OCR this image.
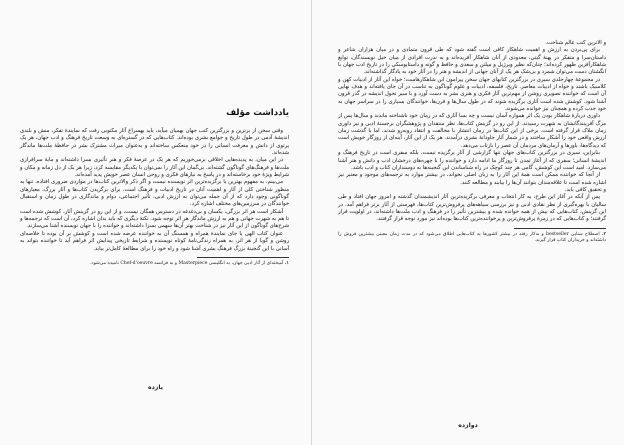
یادداشت مؤلف

وقتی سخن از برترین و بزرگترین کتب جهان بهمیان میآید، باید بهسراغ آثار مکتوبی رفت که نمایندهٔ تفکر، منش و بلندی اندیشهٔ آدمی در طول تاریخ و جوامع بشری بوده‌اند. کتاب‌هایی که در گستره‌ای به وسعت تاریخ فرهنگ و ادب جهان، هر یک پرتوی از دانش و معرفت انسانی را در خود منعکس ساخته‌اند و به‌عنوان میراث مشترک بشر در حافظهٔ ملت‌ها ماندگار شده‌اند.

در این میان، به پدیده‌هایی اخلاقی برمی‌خوریم که هر یک در عرصهٔ فکر و هنر تأثیری بسزا داشته‌اند و مایهٔ سرافرازی ملت‌ها و فرهنگ‌های گوناگون گشته‌اند. بی‌گمان این آثار را نمی‌توان با یکدیگر مقایسه کرد، زیرا هر یک از دل زمانه و مکان و شرایط ویژهٔ خود برخاسته‌اند و در پاسخ به نیازهای فکری و روحی انسان عصر خویش پدید آمده‌اند.

می‌بینم، به مفهوم بهترین یا برگزیده‌ترین اثر نویسنده نیست و اگر ذکر والاترین کتاب‌ها در مواردی ضروری افتاده، تنها به منظور شناختی کلی از آثار و اهمیت آنان در تاریخ ادبیات و فرهنگ است. برای برگزیدن کتاب‌ها و آثار بزرگ، معیارهای گوناگونی وجود دارد که از آن جمله می‌توان به ارزش ادبی، تأثیر اجتماعی، دوام و ماندگاری در طول زمان و استقبال خوانندگان در سرزمین‌های مختلف اشاره کرد.

آشکار است هر اثر بزرگی، یکسان و بی‌دغدغه در دسترس همگان نیست، و از این رو در گزینش آثار، کوشش شده است تا هم به شهرت جهانی و هم به ارزش ماندگار هر اثر توجه شود. نکتهٔ دیگری که باید بدان اشاره کرد، آن است که ترجمه‌ها و شرح‌های گوناگون از این آثار نیز در شناخت بهتر آن‌ها سهمی بسزا داشته‌اند و خواننده را با جهان نویسنده آشنا می‌سازند.

عنوان کتاب الهی با جای نمایندهٔ همراه و همسنگ آن به خواننده عرضه شده است و کوشش بر آن بوده تا خلاصه‌ای روشن و گویا از هر اثر، به همراه زندگی‌نامهٔ کوتاه نویسنده و شرایط تاریخی پیدایش اثر فراهم آید تا خواننده بتواند به آسانی با این گنجینهٔ بزرگ فرهنگ بشری آشنا شود و راه خود را برای مطالعهٔ کامل‌تر بیابد.

۱. آمیخته‌ای از آثار ادبی جهان، به انگلیسی Masterpiece و به فرانسه Chef-d'oeuvre نامیده می‌شود.

یازده

و الاترین کتب عالم شناخت.

برای پی‌بردن به ارزش و اهمیت شاهکار کافی است گفته شود که طی قرون متمادی و در میان هزاران شاعر و داستان‌سرا و متفکر در پهنهٔ گیتی، معدودی از آنان شاهکار آفریده‌اند و به ندرت افرادی از میان خیل نویسندگان، نوابغ شاهکارآفرین ظهور کرده‌اند؛ چنان‌که نظیر ویرژیل و میلتن و سعدی و حافظ و گوته و داستایوسکی را در تاریخ ادب جهان با انگشتان دست می‌توان شمرد و بی‌شک هر یک از آنان جهانی از اندیشه و هنر را در آثار خود به یادگار گذاشته‌اند.

در مجموعهٔ چهارجلدی سیری در بزرگترین کتابهای جهان سخن پیرامون این شاهکارهاست؛ خواه این آثار از ادبیات کهن و کلاسیک باشند و خواه از ادبیات معاصر. تاریخ، فلسفه، ادبیات و علوم گوناگون به تناسب در آن جای یافته‌اند و هدف نهایی آن است که خواننده تصویری روشن از مهم‌ترین آثار فکری و هنری بشر به دست آورد و با سیر تحول اندیشه در گذر قرون آشنا شود. کوشش شده است آثاری برگزیده شوند که در طول سال‌ها و قرن‌ها، خوانندگان بسیاری را در سراسر جهان به خود جذب کرده و همچنان نیز خوانده می‌شوند.

داوری دربارهٔ شاهکار بودن یک اثر همواره آسان نیست و چه بسا آثاری که در زمان خود ناشناخته ماندند و سال‌ها پس از مرگ آفرینندگانشان به شهرت رسیدند. از این رو در گزینش کتاب‌ها، نظر منتقدان و پژوهشگران برجستهٔ ادبی و نیز داوری زمان ملاک قرار گرفته است. برخی از این کتاب‌ها در زمان انتشار با مخالفت و انتقاد روبه‌رو شدند، اما با گذشت زمان ارزش واقعی خود را آشکار ساختند و در شمار آثار جاودانهٔ بشری درآمدند. هر یک از این آثار، آینه‌ای از روزگار خویش است که دیدگاه‌ها، باورها و آرمان‌های مردمان آن عصر را بازتاب می‌دهد.

بنابراین، سیری در بزرگترین کتاب‌های جهان تنها گزارشی از آثار برگزیده نیست، بلکه سفری است در تاریخ فرهنگ و اندیشهٔ انسانی؛ سفری که از آغاز تمدن تا روزگار ما ادامه دارد و خواننده را با چهره‌های درخشان ادب و دانش و هنر آشنا می‌سازد. امید است این کوشش، گامی هر چند کوچک در راه شناساندن این گنجینه‌ها به دوستداران کتاب و ادب باشد.

از آنجا که خواننده ممکن است همهٔ این آثار را به زبان اصلی نخواند، در بیشتر موارد به ترجمه‌های موجود و معتبر نیز اشاره شده است تا علاقه‌مندان بتوانند آن‌ها را بیابند و مطالعه کنند.

و تحقیق کافی باید.

پس از آنکه در آغاز این طرح، به کار انتخاب و معرفی برگزیده‌ترین آثار اندیشمندان گذشته و امروز جهان افتاد و طی سالیان با بهره‌گیری از نظر نقادی ادبی و نیز بررسی سیاهه‌های پرفروش‌ترین کتاب‌ها، فهرستی از آثار برتر فراهم آمد. در این گزینش، کتاب‌هایی که بیش از همه خوانده شده و بیشترین تأثیر را در فرهنگ و ادب ملت‌ها داشته‌اند، در اولویت قرار گرفتند؛ و کتاب‌هایی که در زمرهٔ پرفروش‌ترین و پرخواننده‌ترین کتاب‌ها بوده‌اند نیز مورد توجه قرار گرفتند.

۲. اصطلاح سنایی bestseller و به‌کار رفته در بیشتر کشورها به کتاب‌هایی اطلاق می‌شود که در مدت زمان معینی بیشترین فروش را داشته‌اند و خریداران کتاب قرار گیرند.

دوازده
